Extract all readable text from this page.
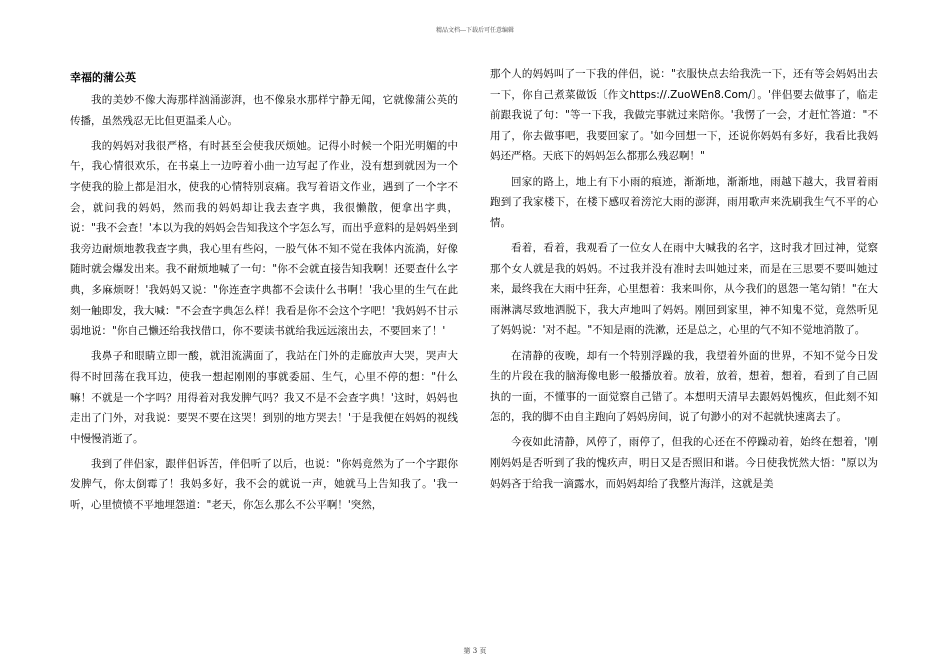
精品文档---下载后可任意编辑
幸福的蒲公英

我的美妙不像大海那样汹涌澎湃，也不像泉水那样宁静无闻，它就像蒲公英的传播，虽然残忍无比但更温柔人心。

我的妈妈对我很严格，有时甚至会使我厌烦她。记得小时候一个阳光明媚的中午，我心情很欢乐，在书桌上一边哼着小曲一边写起了作业，没有想到就因为一个字使我的脸上都是泪水，使我的心情特别哀痛。我写着语文作业，遇到了一个字不会，就问我的妈妈，然而我的妈妈却让我去查字典，我很懒散，便拿出字典，说："我不会查！'本以为我的妈妈会告知我这个字怎么写，而出乎意料的是妈妈坐到我旁边耐烦地教我查字典，我心里有些闷，一股气体不知不觉在我体内流淌，好像随时就会爆发出来。我不耐烦地喊了一句："你不会就直接告知我啊！还要查什么字典，多麻烦呀！'我妈妈又说："你连查字典都不会读什么书啊！'我心里的生气在此刻一触即发，我大喊："不会查字典怎么样！我看是你不会这个字吧！'我妈妈不甘示弱地说："你自己懒还给我找借口，你不要读书就给我远远滚出去，不要回来了！'

我鼻子和眼睛立即一酸，就泪流满面了，我站在门外的走廊放声大哭，哭声大得不时回荡在我耳边，使我一想起刚刚的事就委屈、生气，心里不停的想："什么嘛！不就是一个字吗？用得着对我发脾气吗？我又不是不会查字典！'这时，妈妈也走出了门外，对我说：要哭不要在这哭！到别的地方哭去！'于是我便在妈妈的视线中慢慢消逝了。

我到了伴侣家，跟伴侣诉苦，伴侣听了以后，也说："你妈竟然为了一个字跟你发脾气，你太倒霉了！我妈多好，我不会的就说一声，她就马上告知我了。'我一听，心里愤愤不平地埋怨道："老天，你怎么那么不公平啊！'突然，

那个人的妈妈叫了一下我的伴侣，说："衣服快点去给我洗一下，还有等会妈妈出去一下，你自己煮菜做饭〔作文https://.ZuoWEn8.Com/〕。'伴侣要去做事了，临走前跟我说了句："等一下我，我做完事就过来陪你。'我愣了一会，才赶忙答道："不用了，你去做事吧，我要回家了。'如今回想一下，还说你妈妈有多好，我看比我妈妈还严格。天底下的妈妈怎么都那么残忍啊！"

回家的路上，地上有下小雨的痕迹，渐渐地，渐渐地，雨越下越大，我冒着雨跑到了我家楼下，在楼下感叹着滂沱大雨的澎湃，雨用歌声来洗刷我生气不平的心情。

看着，看着，我观看了一位女人在雨中大喊我的名字，这时我才回过神，觉察那个女人就是我的妈妈。不过我并没有准时去叫她过来，而是在三思要不要叫她过来，最终我在大雨中狂奔，心里想着：我来叫你，从今我们的恩怨一笔勾销！"在大雨淋漓尽致地洒脱下，我大声地叫了妈妈。刚回到家里，神不知鬼不觉，竟然听见了妈妈说：'对不起。"不知是雨的洗漱，还是总之，心里的气不知不觉地消散了。

在清静的夜晚，却有一个特别浮躁的我，我望着外面的世界，不知不觉今日发生的片段在我的脑海像电影一般播放着。放着，放着，想着，想着，看到了自己固执的一面，不懂事的一面觉察自己错了。本想明天清早去跟妈妈愧疚，但此刻不知怎的，我的脚不由自主跑向了妈妈房间，说了句渺小的对不起就快速离去了。

今夜如此清静，风停了，雨停了，但我的心还在不停躁动着，始终在想着，'刚刚妈妈是否听到了我的愧疚声，明日又是否照旧和谐。今日使我恍然大悟："原以为妈妈吝于给我一滴露水，而妈妈却给了我整片海洋，这就是美

第 3 页
